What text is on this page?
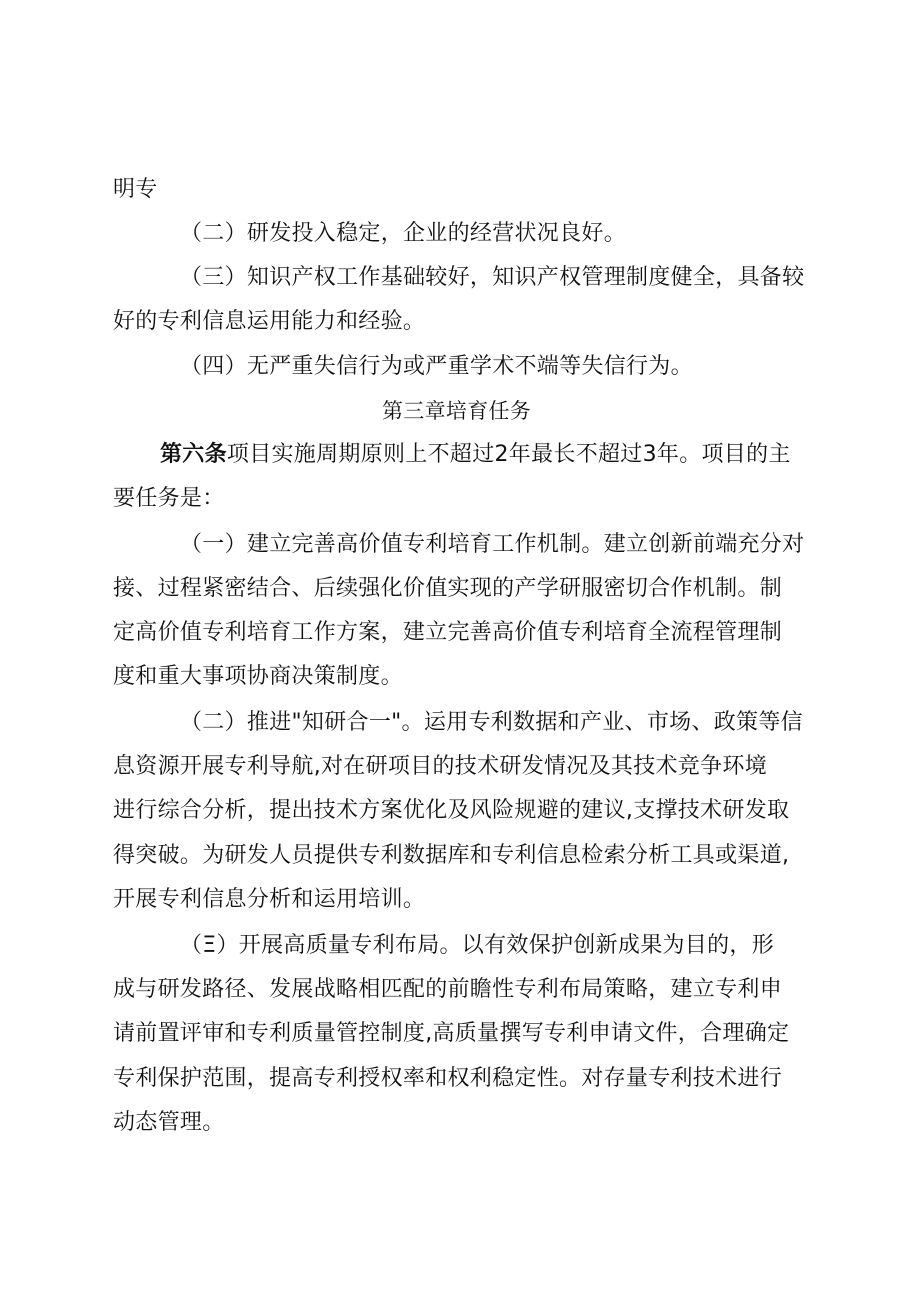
明专
（二）研发投入稳定，企业的经营状况良好。
（三）知识产权工作基础较好，知识产权管理制度健全，具备较
好的专利信息运用能力和经验。
（四）无严重失信行为或严重学术不端等失信行为。
第三章培育任务
第六条项目实施周期原则上不超过2年最长不超过3年。项目的主
要任务是：
（一）建立完善高价值专利培育工作机制。建立创新前端充分对
接、过程紧密结合、后续强化价值实现的产学研服密切合作机制。制
定高价值专利培育工作方案，建立完善高价值专利培育全流程管理制
度和重大事项协商决策制度。
（二）推进"知研合一"。运用专利数据和产业、市场、政策等信
息资源开展专利导航,对在研项目的技术研发情况及其技术竞争环境
进行综合分析，提出技术方案优化及风险规避的建议,支撑技术研发取
得突破。为研发人员提供专利数据库和专利信息检索分析工具或渠道,
开展专利信息分析和运用培训。
（Ξ）开展高质量专利布局。以有效保护创新成果为目的，形
成与研发路径、发展战略相匹配的前瞻性专利布局策略，建立专利申
请前置评审和专利质量管控制度,高质量撰写专利申请文件，合理确定
专利保护范围，提高专利授权率和权利稳定性。对存量专利技术进行
动态管理。
